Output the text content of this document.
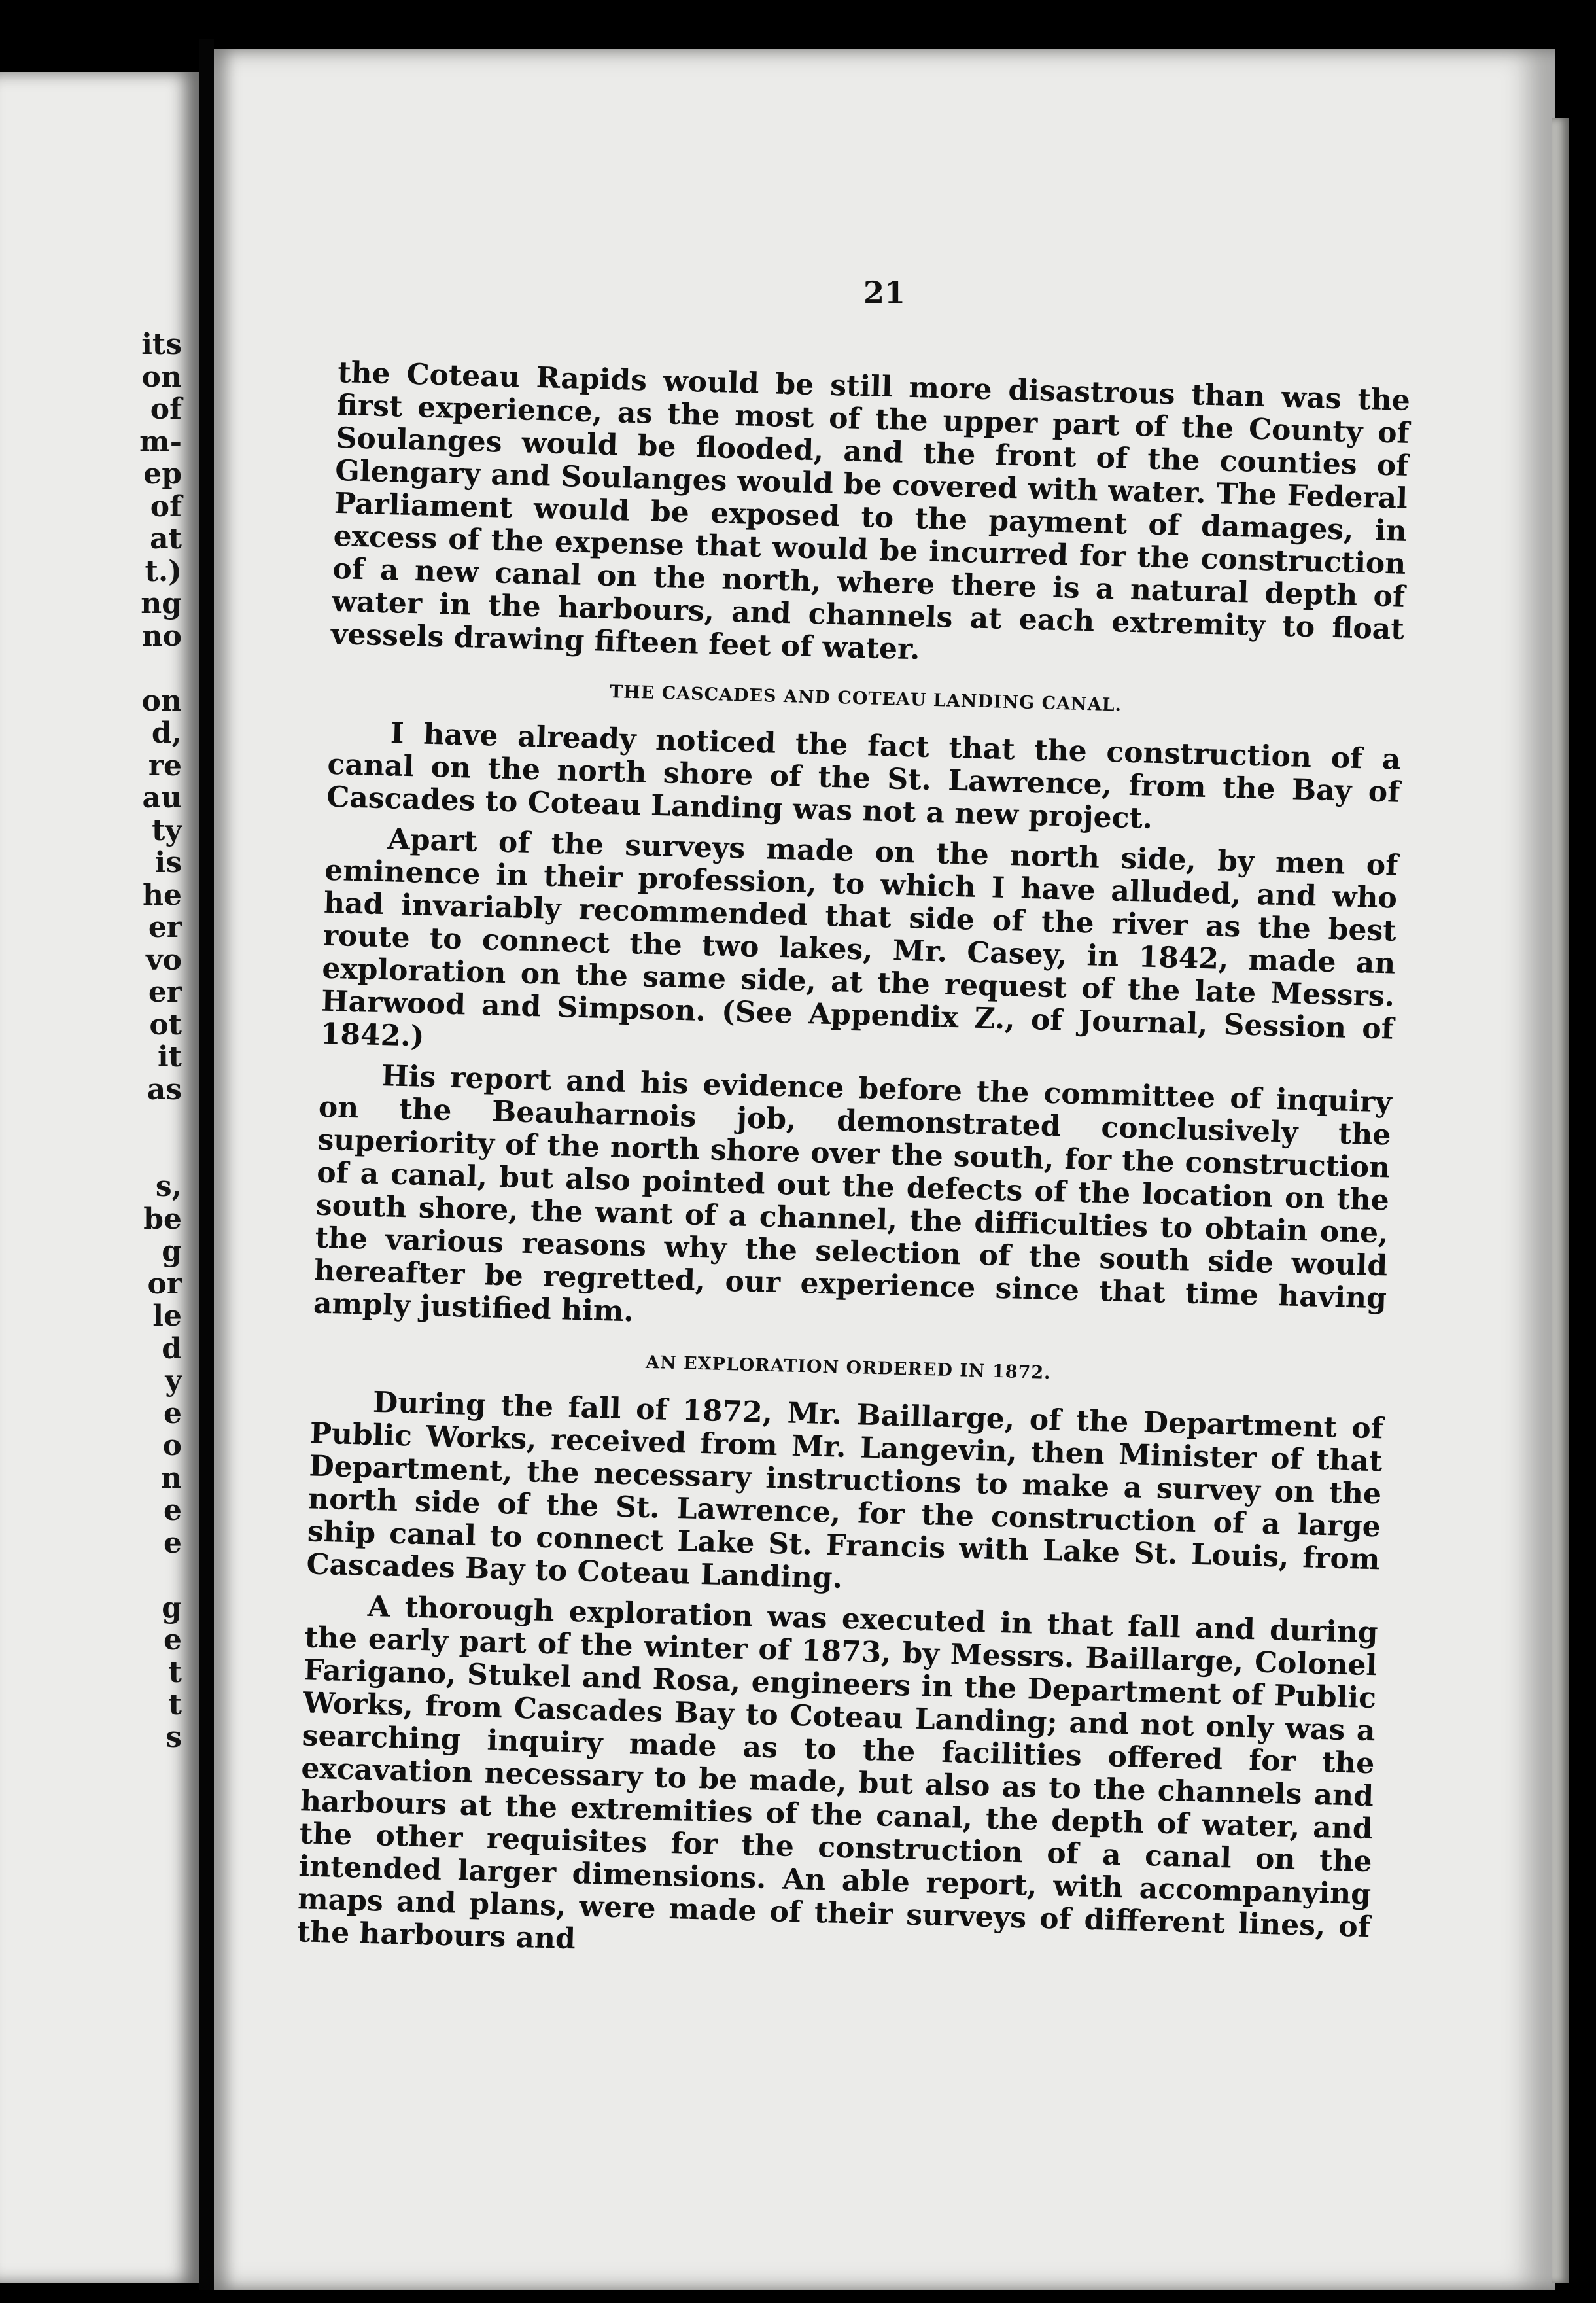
its
on
of
m-
ep
of
at
t.)
ng
no
on
d,
re
au
ty
is
he
er
vo
er
ot
it
as
s,
be
g
or
le
d
y
e
o
n
e
e
g
e
t
t
s
21

the Coteau Rapids would be still more disastrous than was the first experience, as the most of the upper part of the County of Soulanges would be flooded, and the front of the counties of Glengary and Soulanges would be covered with water. The Federal Parliament would be exposed to the payment of damages, in excess of the expense that would be incurred for the construction of a new canal on the north, where there is a natural depth of water in the harbours, and channels at each extremity to float vessels drawing fifteen feet of water.

THE CASCADES AND COTEAU LANDING CANAL.

I have already noticed the fact that the construction of a canal on the north shore of the St. Lawrence, from the Bay of Cascades to Coteau Landing was not a new project.

Apart of the surveys made on the north side, by men of eminence in their profession, to which I have alluded, and who had invariably recommended that side of the river as the best route to connect the two lakes, Mr. Casey, in 1842, made an exploration on the same side, at the request of the late Messrs. Harwood and Simpson. (See Appendix Z., of Journal, Session of 1842.)

His report and his evidence before the committee of inquiry on the Beauharnois job, demonstrated conclusively the superiority of the north shore over the south, for the construction of a canal, but also pointed out the defects of the location on the south shore, the want of a channel, the difficulties to obtain one, the various reasons why the selection of the south side would hereafter be regretted, our experience since that time having amply justified him.

AN EXPLORATION ORDERED IN 1872.

During the fall of 1872, Mr. Baillarge, of the Department of Public Works, received from Mr. Langevin, then Minister of that Department, the necessary instructions to make a survey on the north side of the St. Lawrence, for the construction of a large ship canal to connect Lake St. Francis with Lake St. Louis, from Cascades Bay to Coteau Landing.

A thorough exploration was executed in that fall and during the early part of the winter of 1873, by Messrs. Baillarge, Colonel Farigano, Stukel and Rosa, engineers in the Department of Public Works, from Cascades Bay to Coteau Landing; and not only was a searching inquiry made as to the facilities offered for the excavation necessary to be made, but also as to the channels and harbours at the extremities of the canal, the depth of water, and the other requisites for the construction of a canal on the intended larger dimensions. An able report, with accompanying maps and plans, were made of their surveys of different lines, of the harbours and
